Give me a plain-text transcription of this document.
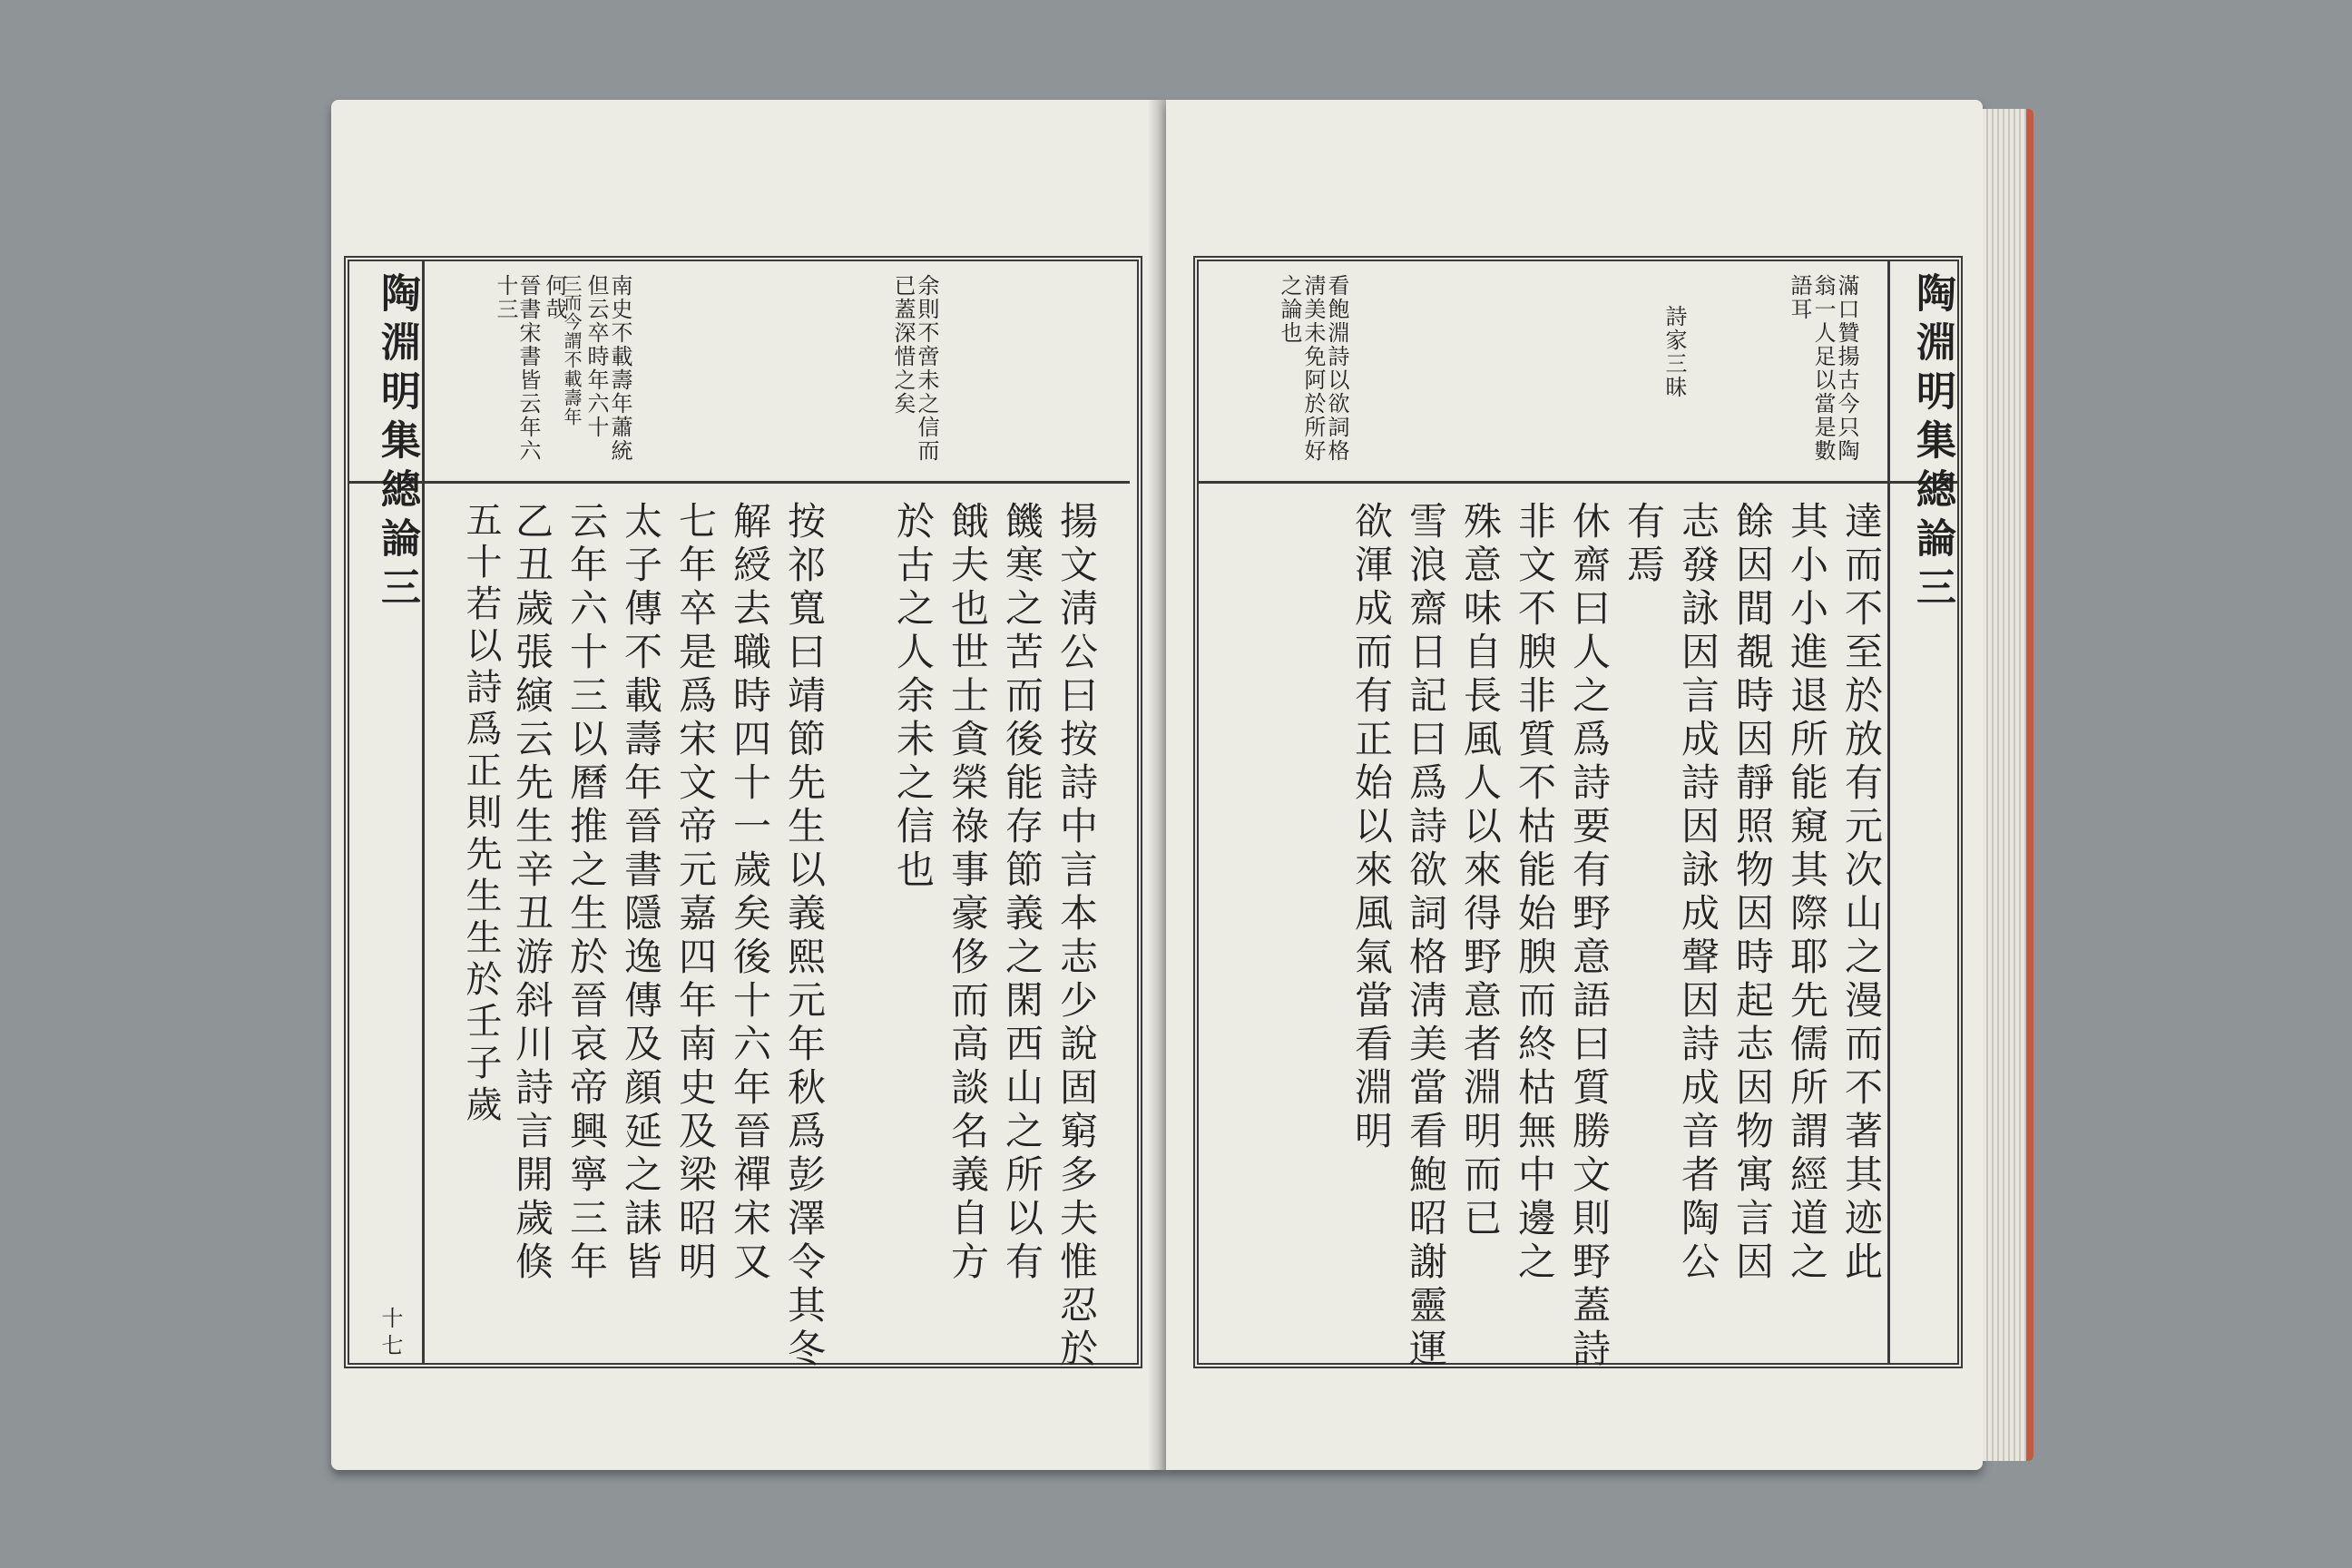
陶淵明集總論三
十七
南史不載壽年蕭統
但云卒時年六十
三而今謂不載壽年
何哉
晉書宋書皆云年六
十三	余則不啻未之信而
已蓋深惜之矣
揚文淸公曰按詩中言本志少說固窮多夫惟忍於
饑寒之苦而後能存節義之閑西山之所以有
餓夫也世士貪榮祿事豪侈而高談名義自方
於古之人余未之信也
按祁寬曰靖節先生以義熙元年秋爲彭澤令其冬
解綬去職時四十一歲矣後十六年晉禪宋又
七年卒是爲宋文帝元嘉四年南史及梁昭明
太子傳不載壽年晉書隱逸傳及顔延之誄皆
云年六十三以曆推之生於晉哀帝興寧三年
乙丑歲張縯云先生辛丑游斜川詩言開歲倏
五十若以詩爲正則先生生於壬子歲
陶淵明集總論三
滿口贊揚古今只陶
翁一人足以當是數
語耳
詩家三昧
看飽淵詩以欲詞格
淸美未免阿於所好
之論也
達而不至於放有元次山之漫而不著其迹此
其小小進退所能窺其際耶先儒所謂經道之
餘因間覩時因靜照物因時起志因物寓言因
志發詠因言成詩因詠成聲因詩成音者陶公
有焉
休齋曰人之爲詩要有野意語曰質勝文則野蓋詩
非文不腴非質不枯能始腴而終枯無中邊之
殊意味自長風人以來得野意者淵明而已
雪浪齋日記曰爲詩欲詞格淸美當看鮑昭謝靈運
欲渾成而有正始以來風氣當看淵明
